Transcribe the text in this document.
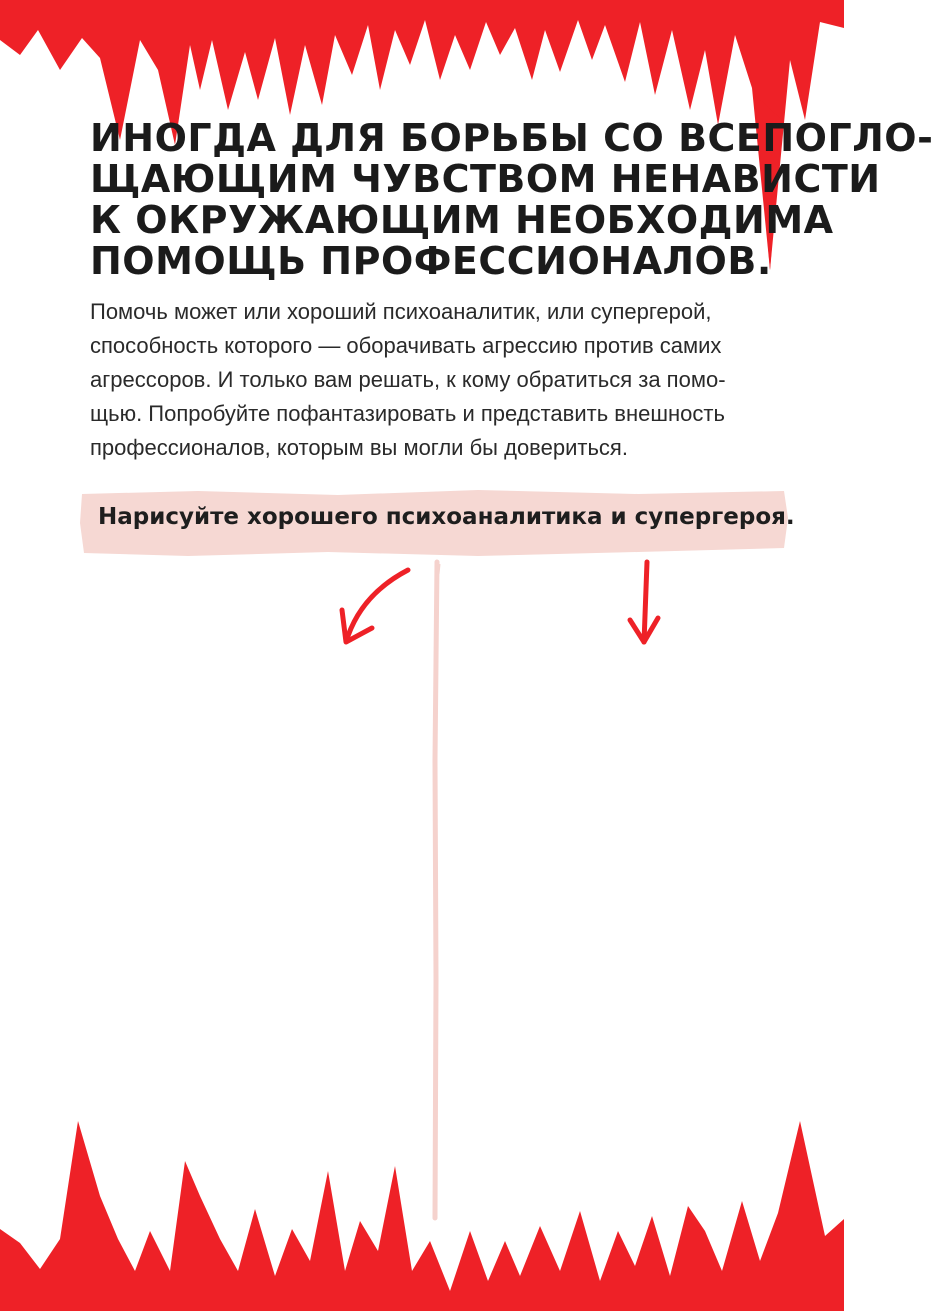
ИНОГДА ДЛЯ БОРЬБЫ СО ВСЕПОГЛО-
ЩАЮЩИМ ЧУВСТВОМ НЕНАВИСТИ
К ОКРУЖАЮЩИМ НЕОБХОДИМА
ПОМОЩЬ ПРОФЕССИОНАЛОВ.

Помочь может или хороший психоаналитик, или супергерой,
способность которого — оборачивать агрессию против самих
агрессоров. И только вам решать, к кому обратиться за помо-
щью. Попробуйте пофантазировать и представить внешность
профессионалов, которым вы могли бы довериться.

Нарисуйте хорошего психоаналитика и супергероя.
